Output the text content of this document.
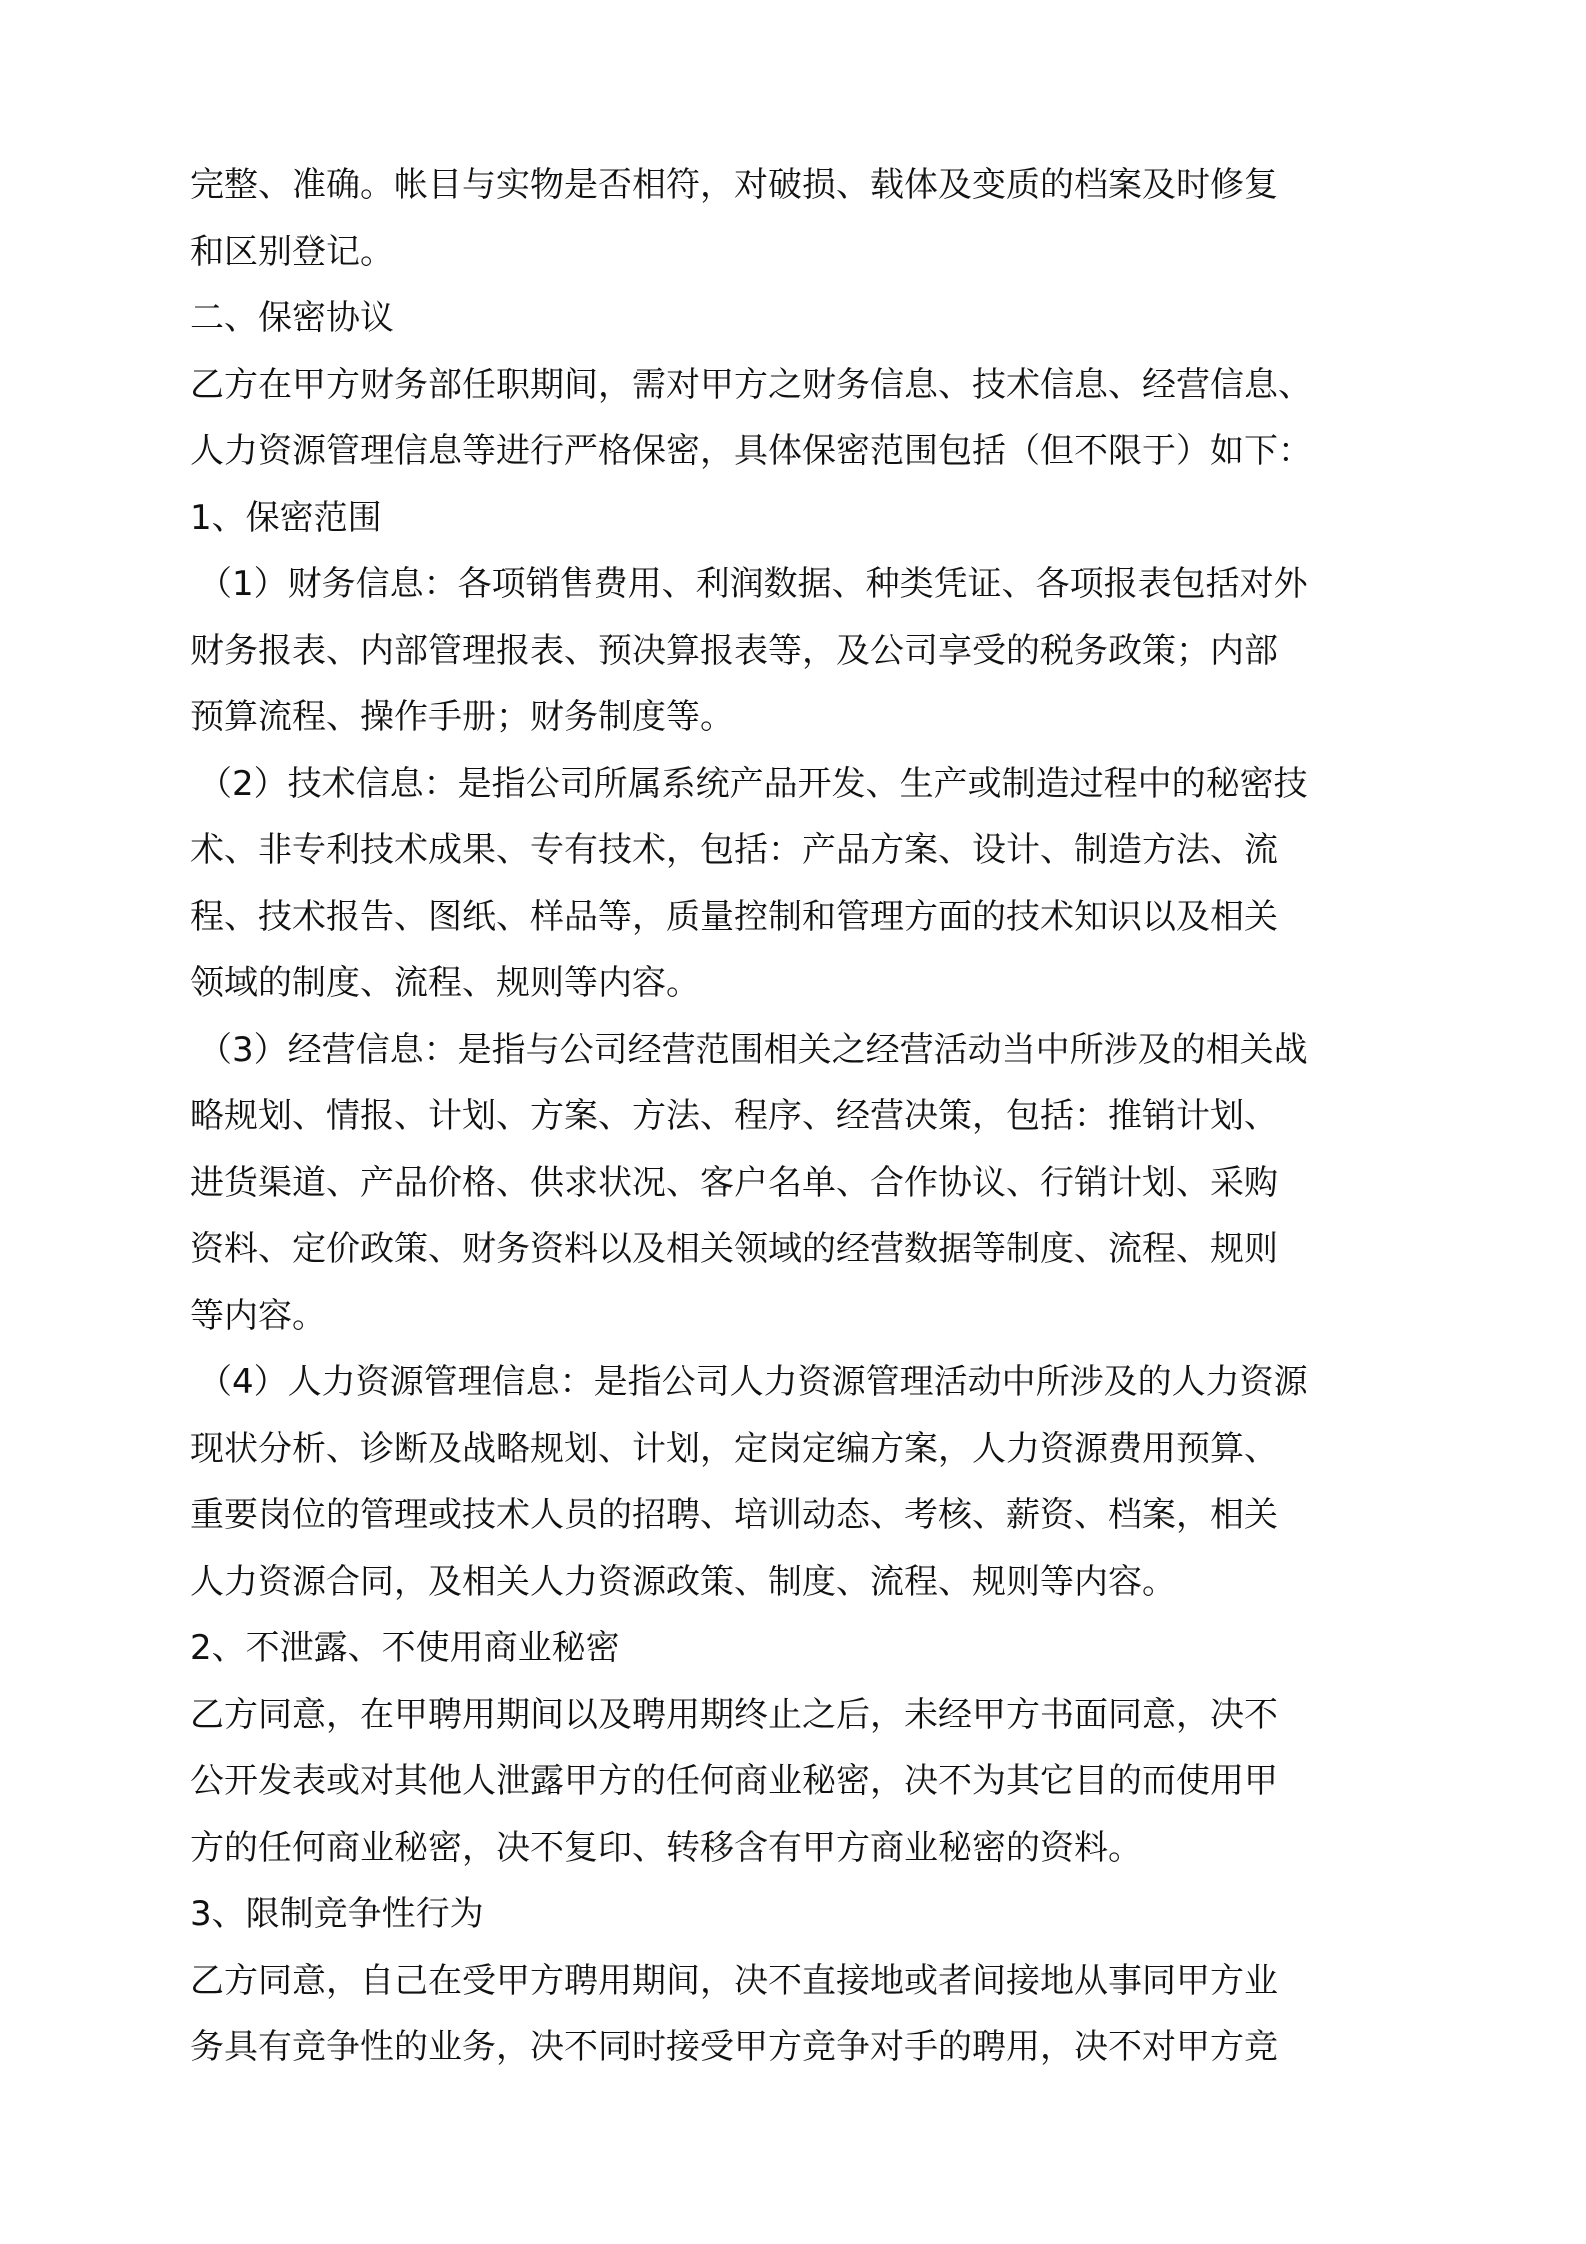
完整、准确。帐目与实物是否相符，对破损、载体及变质的档案及时修复
和区别登记。
二、保密协议
乙方在甲方财务部任职期间，需对甲方之财务信息、技术信息、经营信息、
人力资源管理信息等进行严格保密，具体保密范围包括（但不限于）如下：
1、保密范围
（1）财务信息：各项销售费用、利润数据、种类凭证、各项报表包括对外
财务报表、内部管理报表、预决算报表等，及公司享受的税务政策；内部
预算流程、操作手册；财务制度等。
（2）技术信息：是指公司所属系统产品开发、生产或制造过程中的秘密技
术、非专利技术成果、专有技术，包括：产品方案、设计、制造方法、流
程、技术报告、图纸、样品等，质量控制和管理方面的技术知识以及相关
领域的制度、流程、规则等内容。
（3）经营信息：是指与公司经营范围相关之经营活动当中所涉及的相关战
略规划、情报、计划、方案、方法、程序、经营决策，包括：推销计划、
进货渠道、产品价格、供求状况、客户名单、合作协议、行销计划、采购
资料、定价政策、财务资料以及相关领域的经营数据等制度、流程、规则
等内容。
（4）人力资源管理信息：是指公司人力资源管理活动中所涉及的人力资源
现状分析、诊断及战略规划、计划，定岗定编方案，人力资源费用预算、
重要岗位的管理或技术人员的招聘、培训动态、考核、薪资、档案，相关
人力资源合同，及相关人力资源政策、制度、流程、规则等内容。
2、不泄露、不使用商业秘密
乙方同意，在甲聘用期间以及聘用期终止之后，未经甲方书面同意，决不
公开发表或对其他人泄露甲方的任何商业秘密，决不为其它目的而使用甲
方的任何商业秘密，决不复印、转移含有甲方商业秘密的资料。
3、限制竞争性行为
乙方同意，自己在受甲方聘用期间，决不直接地或者间接地从事同甲方业
务具有竞争性的业务，决不同时接受甲方竞争对手的聘用，决不对甲方竞
